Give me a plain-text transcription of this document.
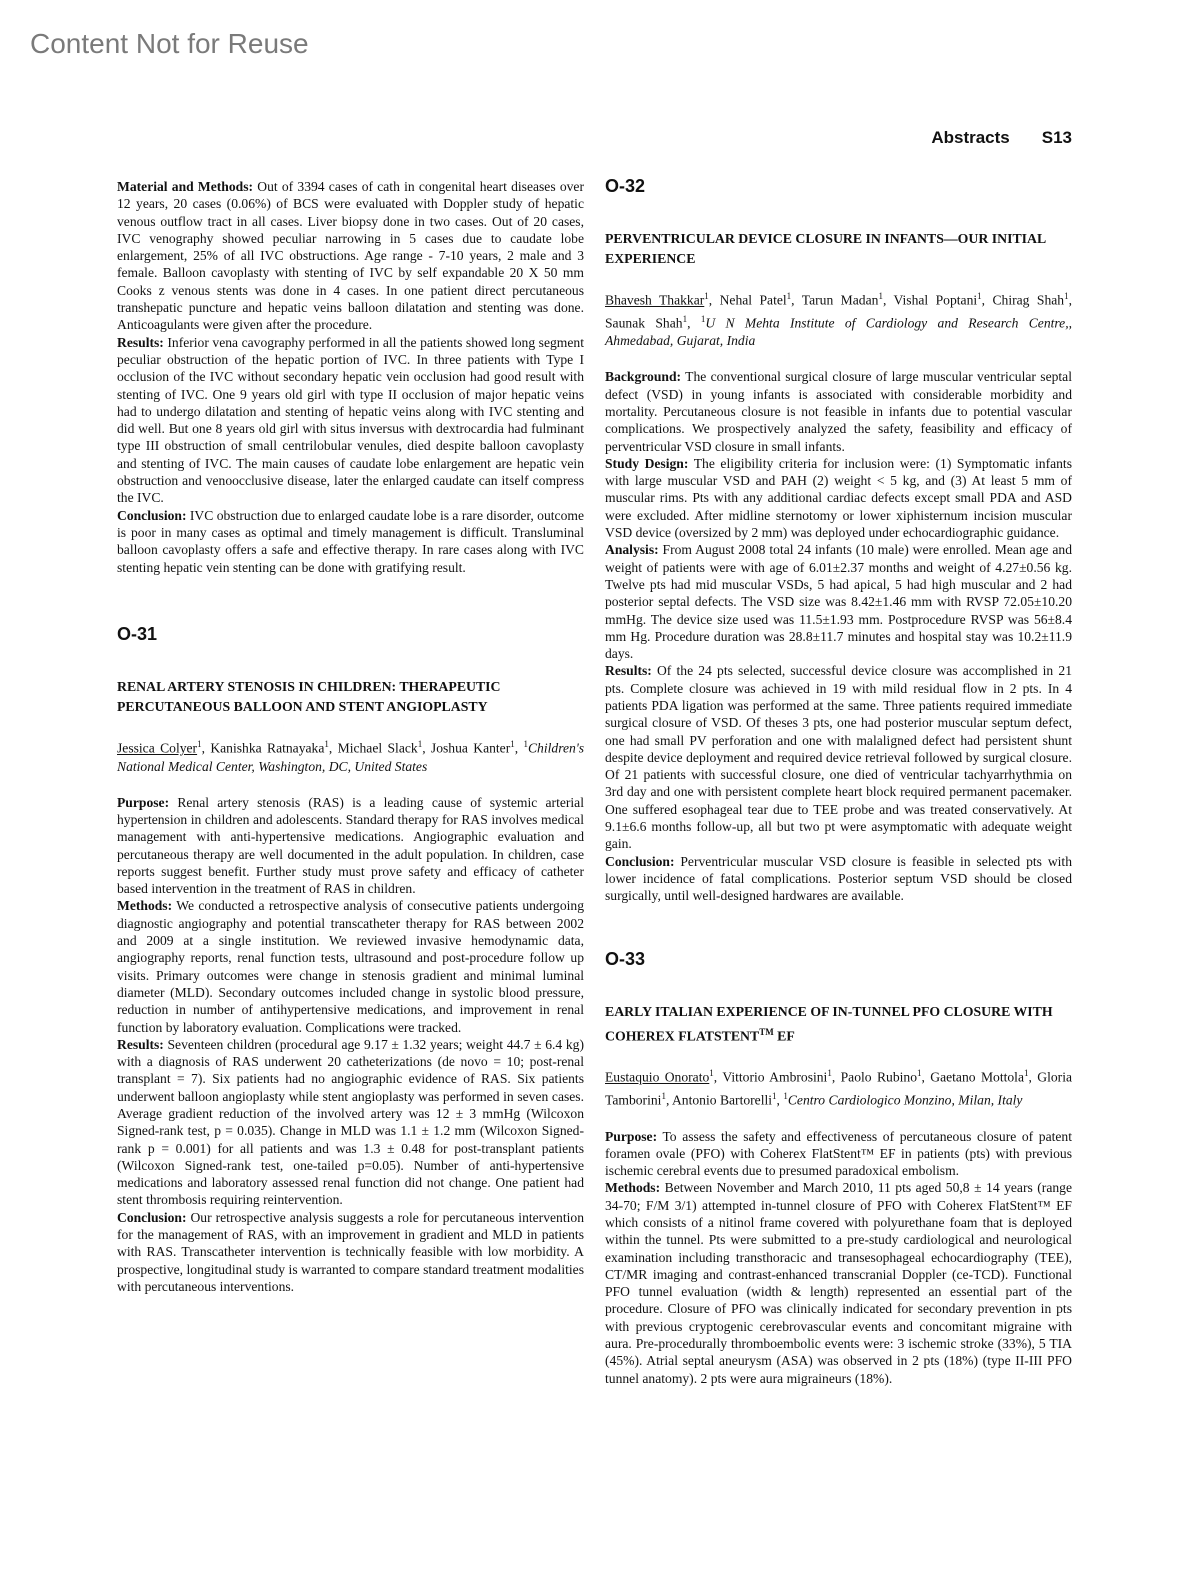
Content Not for Reuse
Abstracts S13

Material and Methods: Out of 3394 cases of cath in congenital heart diseases over 12 years, 20 cases (0.06%) of BCS were evaluated with Doppler study of hepatic venous outflow tract in all cases. Liver biopsy done in two cases. Out of 20 cases, IVC venography showed peculiar narrowing in 5 cases due to caudate lobe enlargement, 25% of all IVC obstructions. Age range - 7-10 years, 2 male and 3 female. Balloon cavoplasty with stenting of IVC by self expandable 20 X 50 mm Cooks z venous stents was done in 4 cases. In one patient direct percutaneous transhepatic puncture and hepatic veins balloon dilatation and stenting was done. Anticoagulants were given after the procedure.

Results: Inferior vena cavography performed in all the patients showed long segment peculiar obstruction of the hepatic portion of IVC. In three patients with Type I occlusion of the IVC without secondary hepatic vein occlusion had good result with stenting of IVC. One 9 years old girl with type II occlusion of major hepatic veins had to undergo dilatation and stenting of hepatic veins along with IVC stenting and did well. But one 8 years old girl with situs inversus with dextrocardia had fulminant type III obstruction of small centrilobular venules, died despite balloon cavoplasty and stenting of IVC. The main causes of caudate lobe enlargement are hepatic vein obstruction and venoocclusive disease, later the enlarged caudate can itself compress the IVC.

Conclusion: IVC obstruction due to enlarged caudate lobe is a rare disorder, outcome is poor in many cases as optimal and timely management is difficult. Transluminal balloon cavoplasty offers a safe and effective therapy. In rare cases along with IVC stenting hepatic vein stenting can be done with gratifying result.

O-31
RENAL ARTERY STENOSIS IN CHILDREN: THERAPEUTIC PERCUTANEOUS BALLOON AND STENT ANGIOPLASTY
Jessica Colyer$^1$, Kanishka Ratnayaka$^1$, Michael Slack$^1$, Joshua Kanter$^1$, $^1$Children's National Medical Center, Washington, DC, United States

Purpose: Renal artery stenosis (RAS) is a leading cause of systemic arterial hypertension in children and adolescents. Standard therapy for RAS involves medical management with anti-hypertensive medications. Angiographic evaluation and percutaneous therapy are well documented in the adult population. In children, case reports suggest benefit. Further study must prove safety and efficacy of catheter based intervention in the treatment of RAS in children.

Methods: We conducted a retrospective analysis of consecutive patients undergoing diagnostic angiography and potential transcatheter therapy for RAS between 2002 and 2009 at a single institution. We reviewed invasive hemodynamic data, angiography reports, renal function tests, ultrasound and post-procedure follow up visits. Primary outcomes were change in stenosis gradient and minimal luminal diameter (MLD). Secondary outcomes included change in systolic blood pressure, reduction in number of antihypertensive medications, and improvement in renal function by laboratory evaluation. Complications were tracked.

Results: Seventeen children (procedural age 9.17 ± 1.32 years; weight 44.7 ± 6.4 kg) with a diagnosis of RAS underwent 20 catheterizations (de novo = 10; post-renal transplant = 7). Six patients had no angiographic evidence of RAS. Six patients underwent balloon angioplasty while stent angioplasty was performed in seven cases. Average gradient reduction of the involved artery was 12 ± 3 mmHg (Wilcoxon Signed-rank test, p = 0.035). Change in MLD was 1.1 ± 1.2 mm (Wilcoxon Signed-rank p = 0.001) for all patients and was 1.3 ± 0.48 for post-transplant patients (Wilcoxon Signed-rank test, one-tailed p=0.05). Number of anti-hypertensive medications and laboratory assessed renal function did not change. One patient had stent thrombosis requiring reintervention.

Conclusion: Our retrospective analysis suggests a role for percutaneous intervention for the management of RAS, with an improvement in gradient and MLD in patients with RAS. Transcatheter intervention is technically feasible with low morbidity. A prospective, longitudinal study is warranted to compare standard treatment modalities with percutaneous interventions.

O-32
PERVENTRICULAR DEVICE CLOSURE IN INFANTS—OUR INITIAL EXPERIENCE
Bhavesh Thakkar$^1$, Nehal Patel$^1$, Tarun Madan$^1$, Vishal Poptani$^1$, Chirag Shah$^1$, Saunak Shah$^1$, $^1$U N Mehta Institute of Cardiology and Research Centre,, Ahmedabad, Gujarat, India

Background: The conventional surgical closure of large muscular ventricular septal defect (VSD) in young infants is associated with considerable morbidity and mortality. Percutaneous closure is not feasible in infants due to potential vascular complications. We prospectively analyzed the safety, feasibility and efficacy of perventricular VSD closure in small infants.

Study Design: The eligibility criteria for inclusion were: (1) Symptomatic infants with large muscular VSD and PAH (2) weight < 5 kg, and (3) At least 5 mm of muscular rims. Pts with any additional cardiac defects except small PDA and ASD were excluded. After midline sternotomy or lower xiphisternum incision muscular VSD device (oversized by 2 mm) was deployed under echocardiographic guidance.

Analysis: From August 2008 total 24 infants (10 male) were enrolled. Mean age and weight of patients were with age of 6.01±2.37 months and weight of 4.27±0.56 kg. Twelve pts had mid muscular VSDs, 5 had apical, 5 had high muscular and 2 had posterior septal defects. The VSD size was 8.42±1.46 mm with RVSP 72.05±10.20 mmHg. The device size used was 11.5±1.93 mm. Postprocedure RVSP was 56±8.4 mm Hg. Procedure duration was 28.8±11.7 minutes and hospital stay was 10.2±11.9 days.

Results: Of the 24 pts selected, successful device closure was accomplished in 21 pts. Complete closure was achieved in 19 with mild residual flow in 2 pts. In 4 patients PDA ligation was performed at the same. Three patients required immediate surgical closure of VSD. Of theses 3 pts, one had posterior muscular septum defect, one had small PV perforation and one with malaligned defect had persistent shunt despite device deployment and required device retrieval followed by surgical closure. Of 21 patients with successful closure, one died of ventricular tachyarrhythmia on 3rd day and one with persistent complete heart block required permanent pacemaker. One suffered esophageal tear due to TEE probe and was treated conservatively. At 9.1±6.6 months follow-up, all but two pt were asymptomatic with adequate weight gain.

Conclusion: Perventricular muscular VSD closure is feasible in selected pts with lower incidence of fatal complications. Posterior septum VSD should be closed surgically, until well-designed hardwares are available.

O-33
EARLY ITALIAN EXPERIENCE OF IN-TUNNEL PFO CLOSURE WITH COHEREX FLATSTENT™ EF
Eustaquio Onorato$^1$, Vittorio Ambrosini$^1$, Paolo Rubino$^1$, Gaetano Mottola$^1$, Gloria Tamborini$^1$, Antonio Bartorelli$^1$, $^1$Centro Cardiologico Monzino, Milan, Italy

Purpose: To assess the safety and effectiveness of percutaneous closure of patent foramen ovale (PFO) with Coherex FlatStent™ EF in patients (pts) with previous ischemic cerebral events due to presumed paradoxical embolism.

Methods: Between November and March 2010, 11 pts aged 50,8 ± 14 years (range 34-70; F/M 3/1) attempted in-tunnel closure of PFO with Coherex FlatStent™ EF which consists of a nitinol frame covered with polyurethane foam that is deployed within the tunnel. Pts were submitted to a pre-study cardiological and neurological examination including transthoracic and transesophageal echocardiography (TEE), CT/MR imaging and contrast-enhanced transcranial Doppler (ce-TCD). Functional PFO tunnel evaluation (width & length) represented an essential part of the procedure. Closure of PFO was clinically indicated for secondary prevention in pts with previous cryptogenic cerebrovascular events and concomitant migraine with aura. Pre-procedurally thromboembolic events were: 3 ischemic stroke (33%), 5 TIA (45%). Atrial septal aneurysm (ASA) was observed in 2 pts (18%) (type II-III PFO tunnel anatomy). 2 pts were aura migraineurs (18%).
